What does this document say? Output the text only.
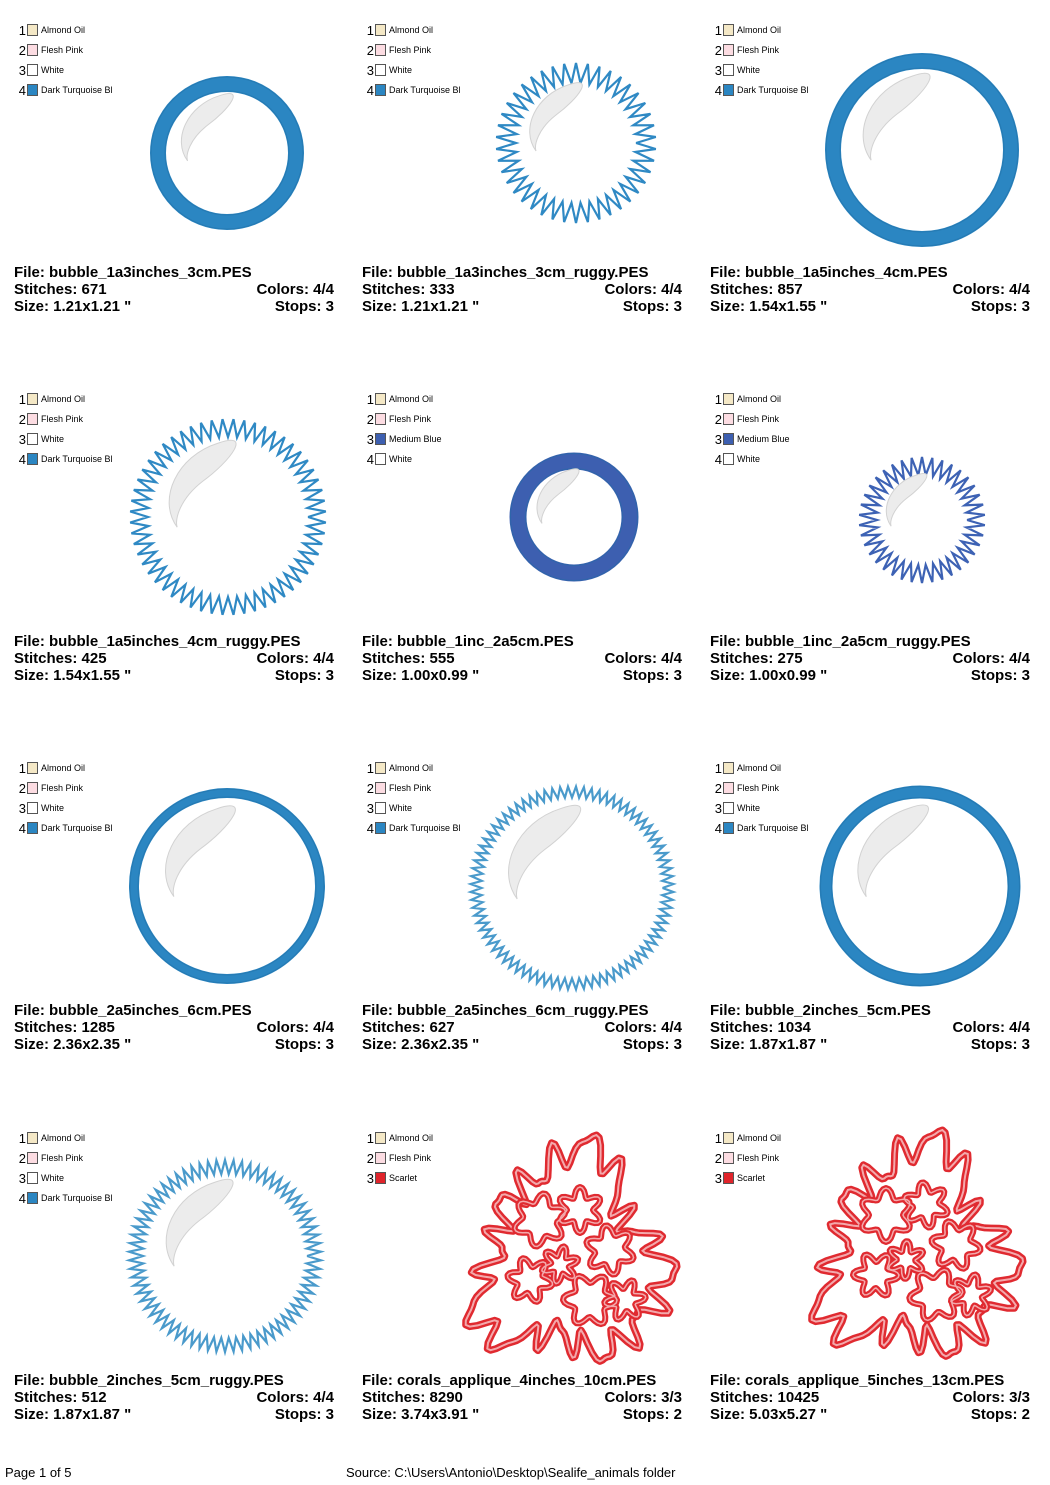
1 Almond Oil
2 Flesh Pink
3 White
4 Dark Turquoise Bl
File: bubble_1a3inches_3cm.PES
Stitches: 671	Colors: 4/4
Size: 1.21x1.21 "	Stops: 3
1 Almond Oil
2 Flesh Pink
3 White
4 Dark Turquoise Bl
File: bubble_1a3inches_3cm_ruggy.PES
Stitches: 333	Colors: 4/4
Size: 1.21x1.21 "	Stops: 3
1 Almond Oil
2 Flesh Pink
3 White
4 Dark Turquoise Bl
File: bubble_1a5inches_4cm.PES
Stitches: 857	Colors: 4/4
Size: 1.54x1.55 "	Stops: 3
1 Almond Oil
2 Flesh Pink
3 White
4 Dark Turquoise Bl
File: bubble_1a5inches_4cm_ruggy.PES
Stitches: 425	Colors: 4/4
Size: 1.54x1.55 "	Stops: 3
1 Almond Oil
2 Flesh Pink
3 Medium Blue
4 White
File: bubble_1inc_2a5cm.PES
Stitches: 555	Colors: 4/4
Size: 1.00x0.99 "	Stops: 3
1 Almond Oil
2 Flesh Pink
3 Medium Blue
4 White
File: bubble_1inc_2a5cm_ruggy.PES
Stitches: 275	Colors: 4/4
Size: 1.00x0.99 "	Stops: 3
1 Almond Oil
2 Flesh Pink
3 White
4 Dark Turquoise Bl
File: bubble_2a5inches_6cm.PES
Stitches: 1285	Colors: 4/4
Size: 2.36x2.35 "	Stops: 3
1 Almond Oil
2 Flesh Pink
3 White
4 Dark Turquoise Bl
File: bubble_2a5inches_6cm_ruggy.PES
Stitches: 627	Colors: 4/4
Size: 2.36x2.35 "	Stops: 3
1 Almond Oil
2 Flesh Pink
3 White
4 Dark Turquoise Bl
File: bubble_2inches_5cm.PES
Stitches: 1034	Colors: 4/4
Size: 1.87x1.87 "	Stops: 3
1 Almond Oil
2 Flesh Pink
3 White
4 Dark Turquoise Bl
File: bubble_2inches_5cm_ruggy.PES
Stitches: 512	Colors: 4/4
Size: 1.87x1.87 "	Stops: 3
1 Almond Oil
2 Flesh Pink
3 Scarlet
File: corals_applique_4inches_10cm.PES
Stitches: 8290	Colors: 3/3
Size: 3.74x3.91 "	Stops: 2
1 Almond Oil
2 Flesh Pink
3 Scarlet
File: corals_applique_5inches_13cm.PES
Stitches: 10425	Colors: 3/3
Size: 5.03x5.27 "	Stops: 2
Page 1 of 5	Source: C:\Users\Antonio\Desktop\Sealife_animals folder
